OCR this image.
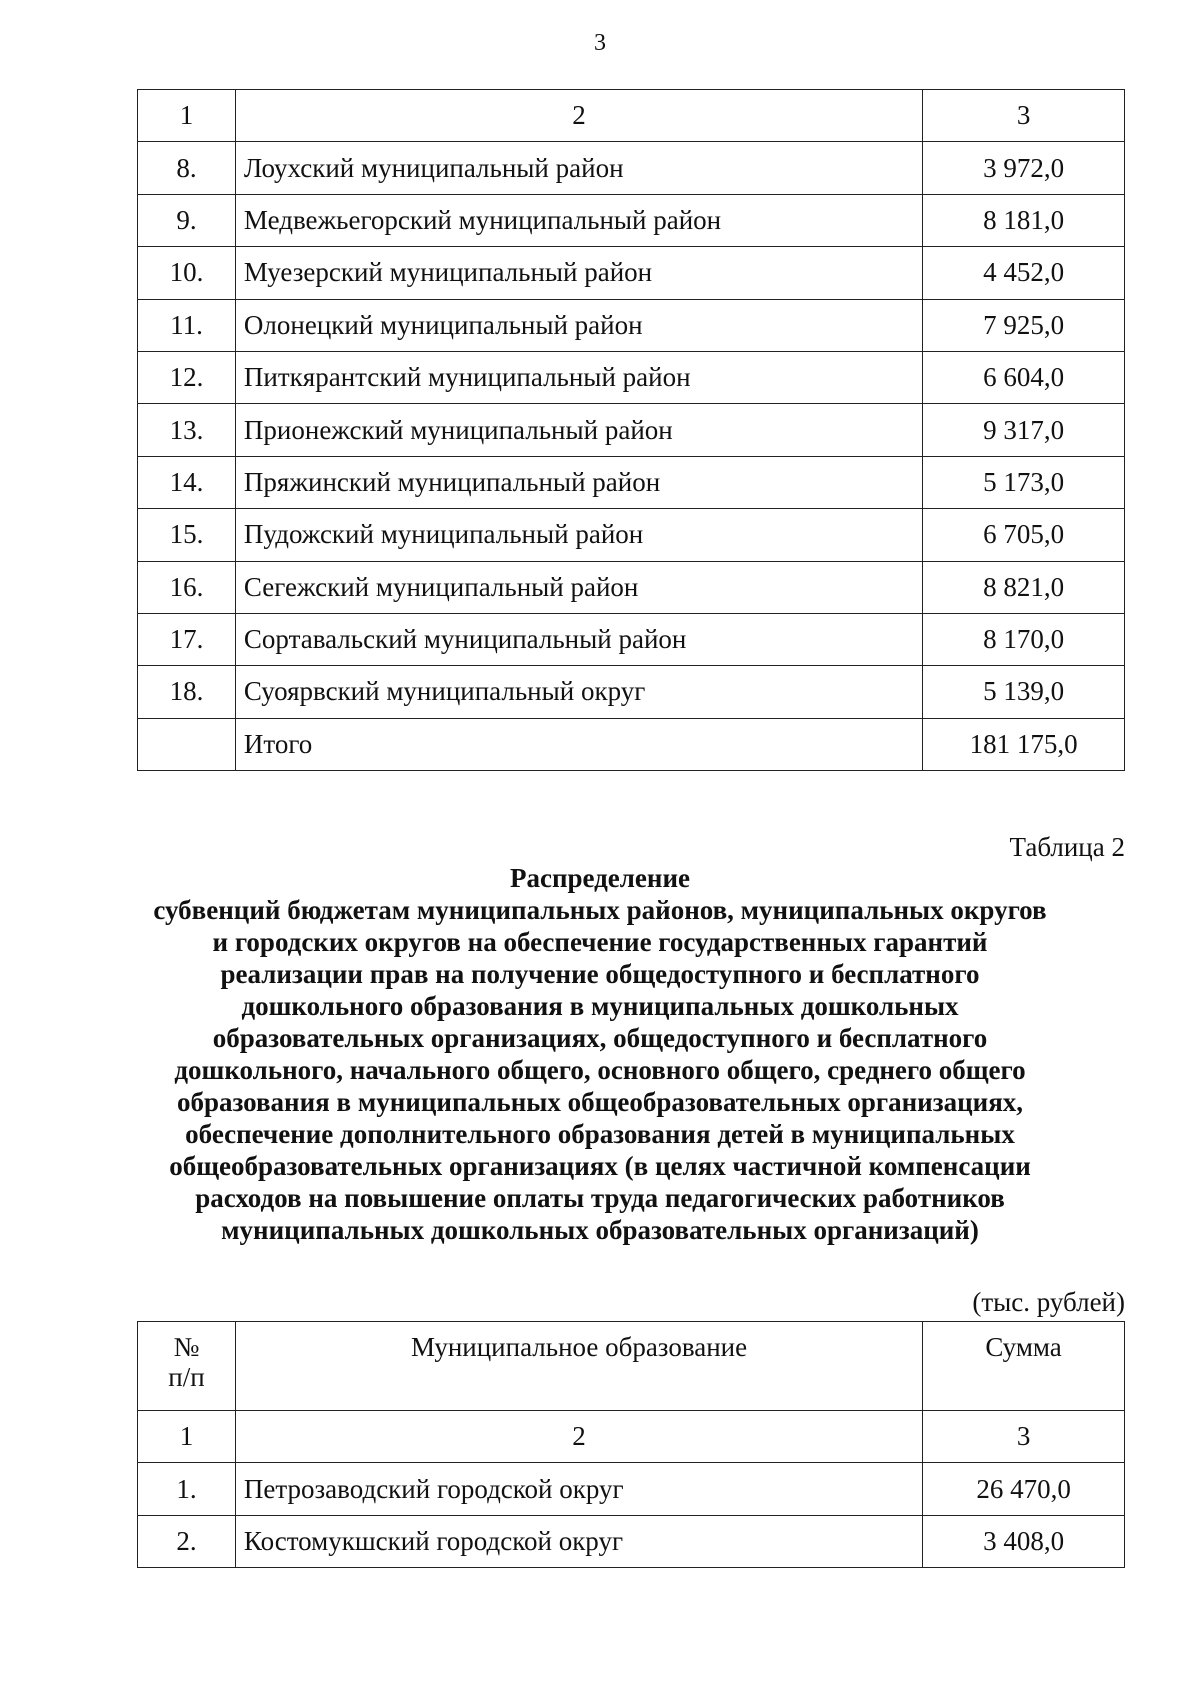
3
1	2	3
8.	Лоухский муниципальный район	3 972,0
9.	Медвежьегорский муниципальный район	8 181,0
10.	Муезерский муниципальный район	4 452,0
11.	Олонецкий муниципальный район	7 925,0
12.	Питкярантский муниципальный район	6 604,0
13.	Прионежский муниципальный район	9 317,0
14.	Пряжинский муниципальный район	5 173,0
15.	Пудожский муниципальный район	6 705,0
16.	Сегежский муниципальный район	8 821,0
17.	Сортавальский муниципальный район	8 170,0
18.	Суоярвский муниципальный округ	5 139,0
	Итого	181 175,0
Таблица 2
Распределение
субвенций бюджетам муниципальных районов, муниципальных округов
и городских округов на обеспечение государственных гарантий
реализации прав на получение общедоступного и бесплатного
дошкольного образования в муниципальных дошкольных
образовательных организациях, общедоступного и бесплатного
дошкольного, начального общего, основного общего, среднего общего
образования в муниципальных общеобразовательных организациях,
обеспечение дополнительного образования детей в муниципальных
общеобразовательных организациях (в целях частичной компенсации
расходов на повышение оплаты труда педагогических работников
муниципальных дошкольных образовательных организаций)
(тыс. рублей)
№
п/п	Муниципальное образование	Сумма
1	2	3
1.	Петрозаводский городской округ	26 470,0
2.	Костомукшский городской округ	3 408,0
